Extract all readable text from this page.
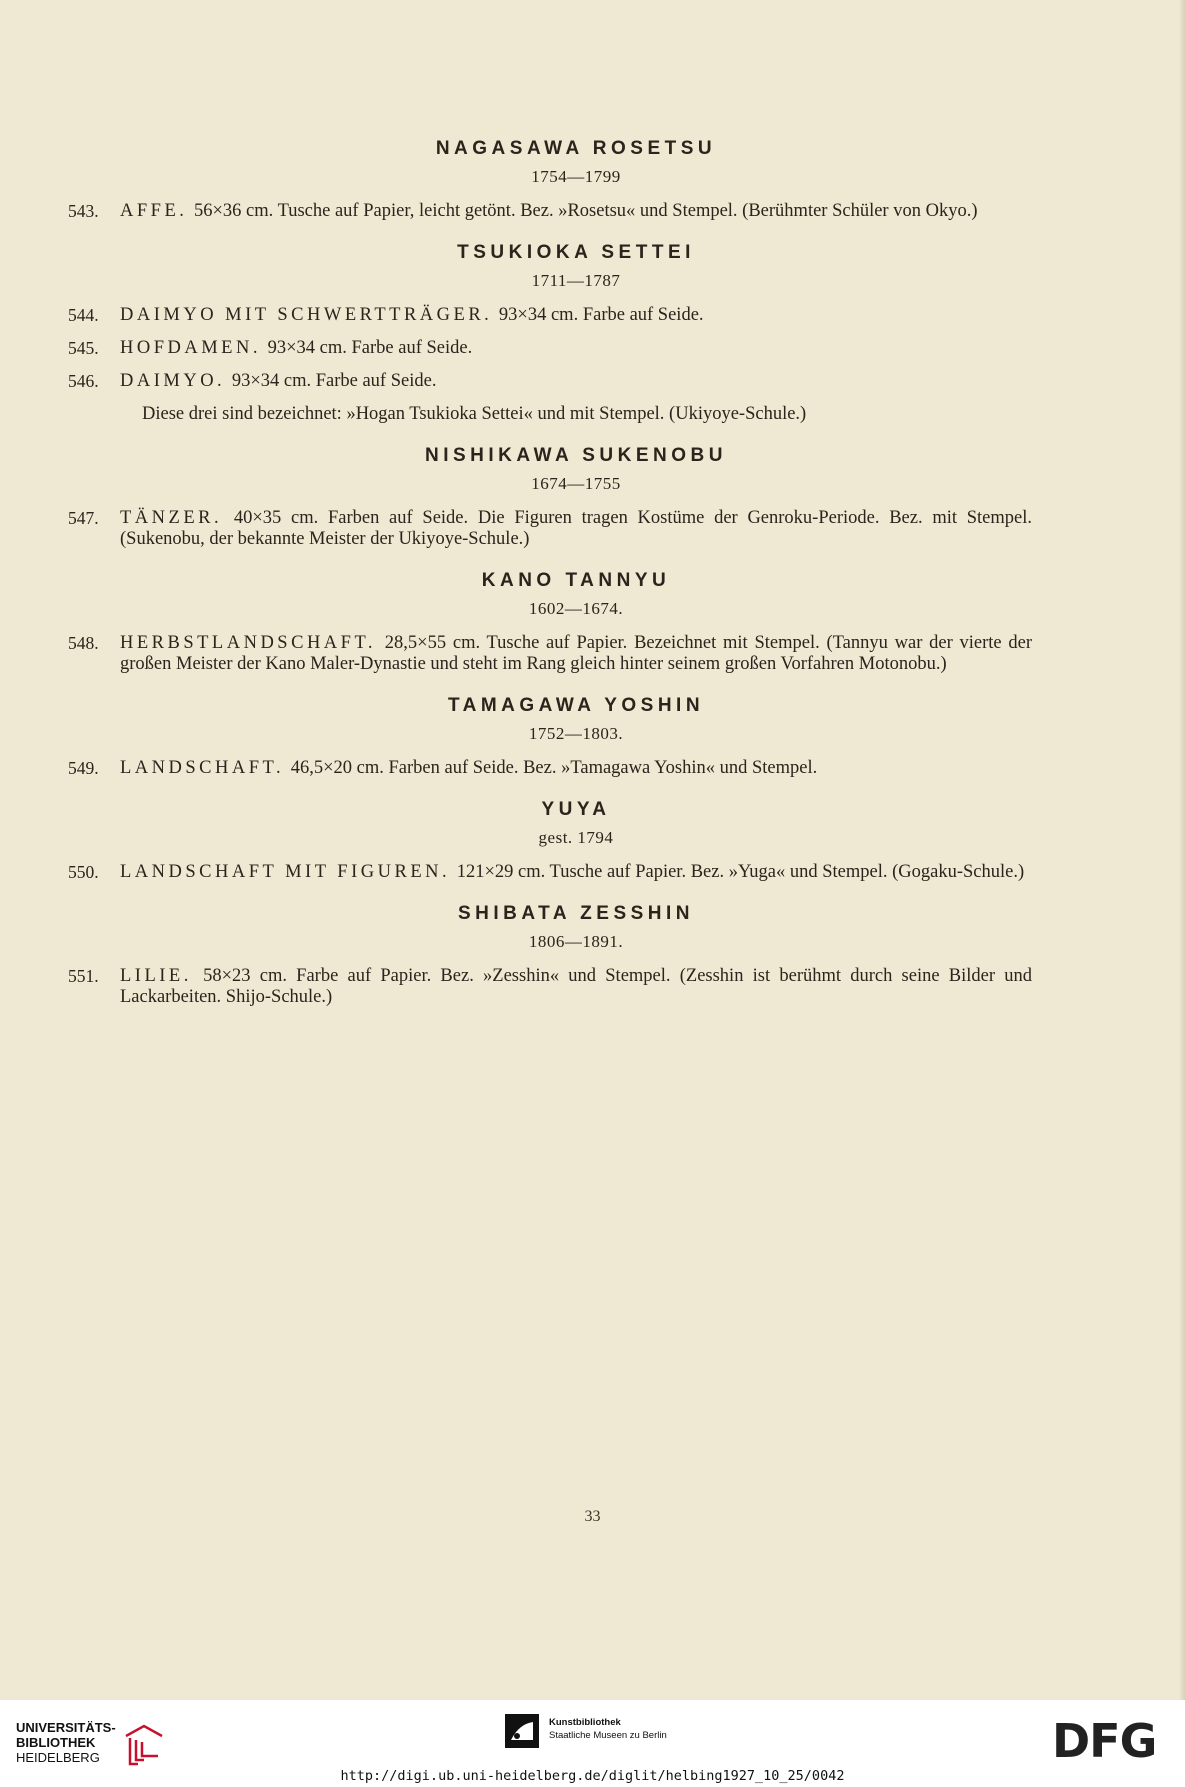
NAGASAWA ROSETSU
1754—1799
543. AFFE. 56×36 cm. Tusche auf Papier, leicht getönt. Bez. »Rosetsu« und Stempel. (Berühmter Schüler von Okyo.)
TSUKIOKA SETTEI
1711—1787
544. DAIMYO MIT SCHWERTTRÄGER. 93×34 cm. Farbe auf Seide.
545. HOFDAMEN. 93×34 cm. Farbe auf Seide.
546. DAIMYO. 93×34 cm. Farbe auf Seide.
Diese drei sind bezeichnet: »Hogan Tsukioka Settei« und mit Stempel. (Ukiyoye-Schule.)
NISHIKAWA SUKENOBU
1674—1755
547. TÄNZER. 40×35 cm. Farben auf Seide. Die Figuren tragen Kostüme der Genroku-Periode. Bez. mit Stempel. (Sukenobu, der bekannte Meister der Ukiyoye-Schule.)
KANO TANNYU
1602—1674.
548. HERBSTLANDSCHAFT. 28,5×55 cm. Tusche auf Papier. Bezeichnet mit Stempel. (Tannyu war der vierte der großen Meister der Kano Maler-Dynastie und steht im Rang gleich hinter seinem großen Vorfahren Motonobu.)
TAMAGAWA YOSHIN
1752—1803.
549. LANDSCHAFT. 46,5×20 cm. Farben auf Seide. Bez. »Tamagawa Yoshin« und Stempel.
YUYA
gest. 1794
550. LANDSCHAFT MIT FIGUREN. 121×29 cm. Tusche auf Papier. Bez. »Yuga« und Stempel. (Gogaku-Schule.)
SHIBATA ZESSHIN
1806—1891.
551. LILIE. 58×23 cm. Farbe auf Papier. Bez. »Zesshin« und Stempel. (Zesshin ist berühmt durch seine Bilder und Lackarbeiten. Shijo-Schule.)
33
UNIVERSITÄTS-
BIBLIOTHEK
HEIDELBERG
Kunstbibliothek
Staatliche Museen zu Berlin	DFG
http://digi.ub.uni-heidelberg.de/diglit/helbing1927_10_25/0042
